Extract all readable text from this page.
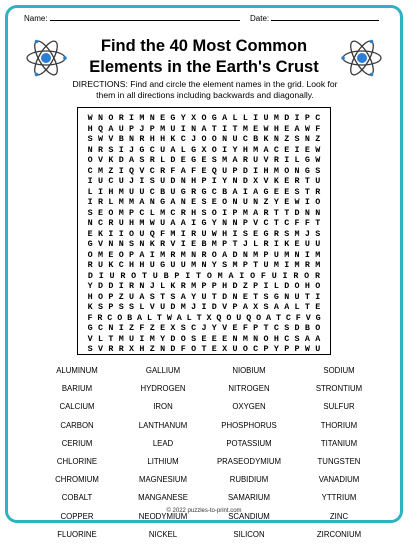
Name:	Date:
Find the 40 Most Common
Elements in the Earth's Crust
DIRECTIONS: Find and circle the element names in the grid. Look for
them in all directions including backwards and diagonally.
W N O R I M N E G Y X O G A L L I U M D I P C
H Q A U P J P M U I N A T I T M E W H E A W F
S W V B N R H H K C J O O N U C B K N Z S N Z
N R S I J G C U A L G X O I Y H M A C E I E W
O V K D A S R L D E G E S M A R U V R I L G W
C M Z I Q V C R F A F E Q U P D I H M O N G S
I U C U J I S U D N H P I Y N D X V K E R T U
L I H M U U C B U G R G C B A I A G E E S T R
I R L M M A N G A N E S E O N U N Z Y E W I O
S E O M P C L M C R H S O I P M A R T T D N N
N C R U H M W U A A I G Y N N P V C T C F F T
E K I I O U Q F M I R U W H I S E G R S M J S
G V N N S N K R V I E B M P T J L R I K E U U
O M E O P A I M R M N R O A D N M P U M N I M
R U K C H H U G U U M N Y S M P T U M I M R M
D I U R O T U B P I T O M A I O F U I R O R
Y D D I R N J L K R M P P H D Z P I L D O H O
H O P Z U A S T S A Y U T D N E T S G N U T I
K S P S S L V U D M J I D V P A X S A A L T E
F R C O B A L T W A L T X Q O U Q O A T C F V G
G C N I Z F Z E X S C J Y V E F P T C S D B O
V L T M U I M Y D O S E E E N M N O H C S A A
S V R R X H Z N D F O T E X U O C P Y P P W U
ALUMINUM
BARIUM
CALCIUM
CARBON
CERIUM
CHLORINE
CHROMIUM
COBALT
COPPER
FLUORINE
GALLIUM
HYDROGEN
IRON
LANTHANUM
LEAD
LITHIUM
MAGNESIUM
MANGANESE
NEODYMIUM
NICKEL
NIOBIUM
NITROGEN
OXYGEN
PHOSPHORUS
POTASSIUM
PRASEODYMIUM
RUBIDIUM
SAMARIUM
SCANDIUM
SILICON
SODIUM
STRONTIUM
SULFUR
THORIUM
TITANIUM
TUNGSTEN
VANADIUM
YTTRIUM
ZINC
ZIRCONIUM
© 2022 puzzles-to-print.com
